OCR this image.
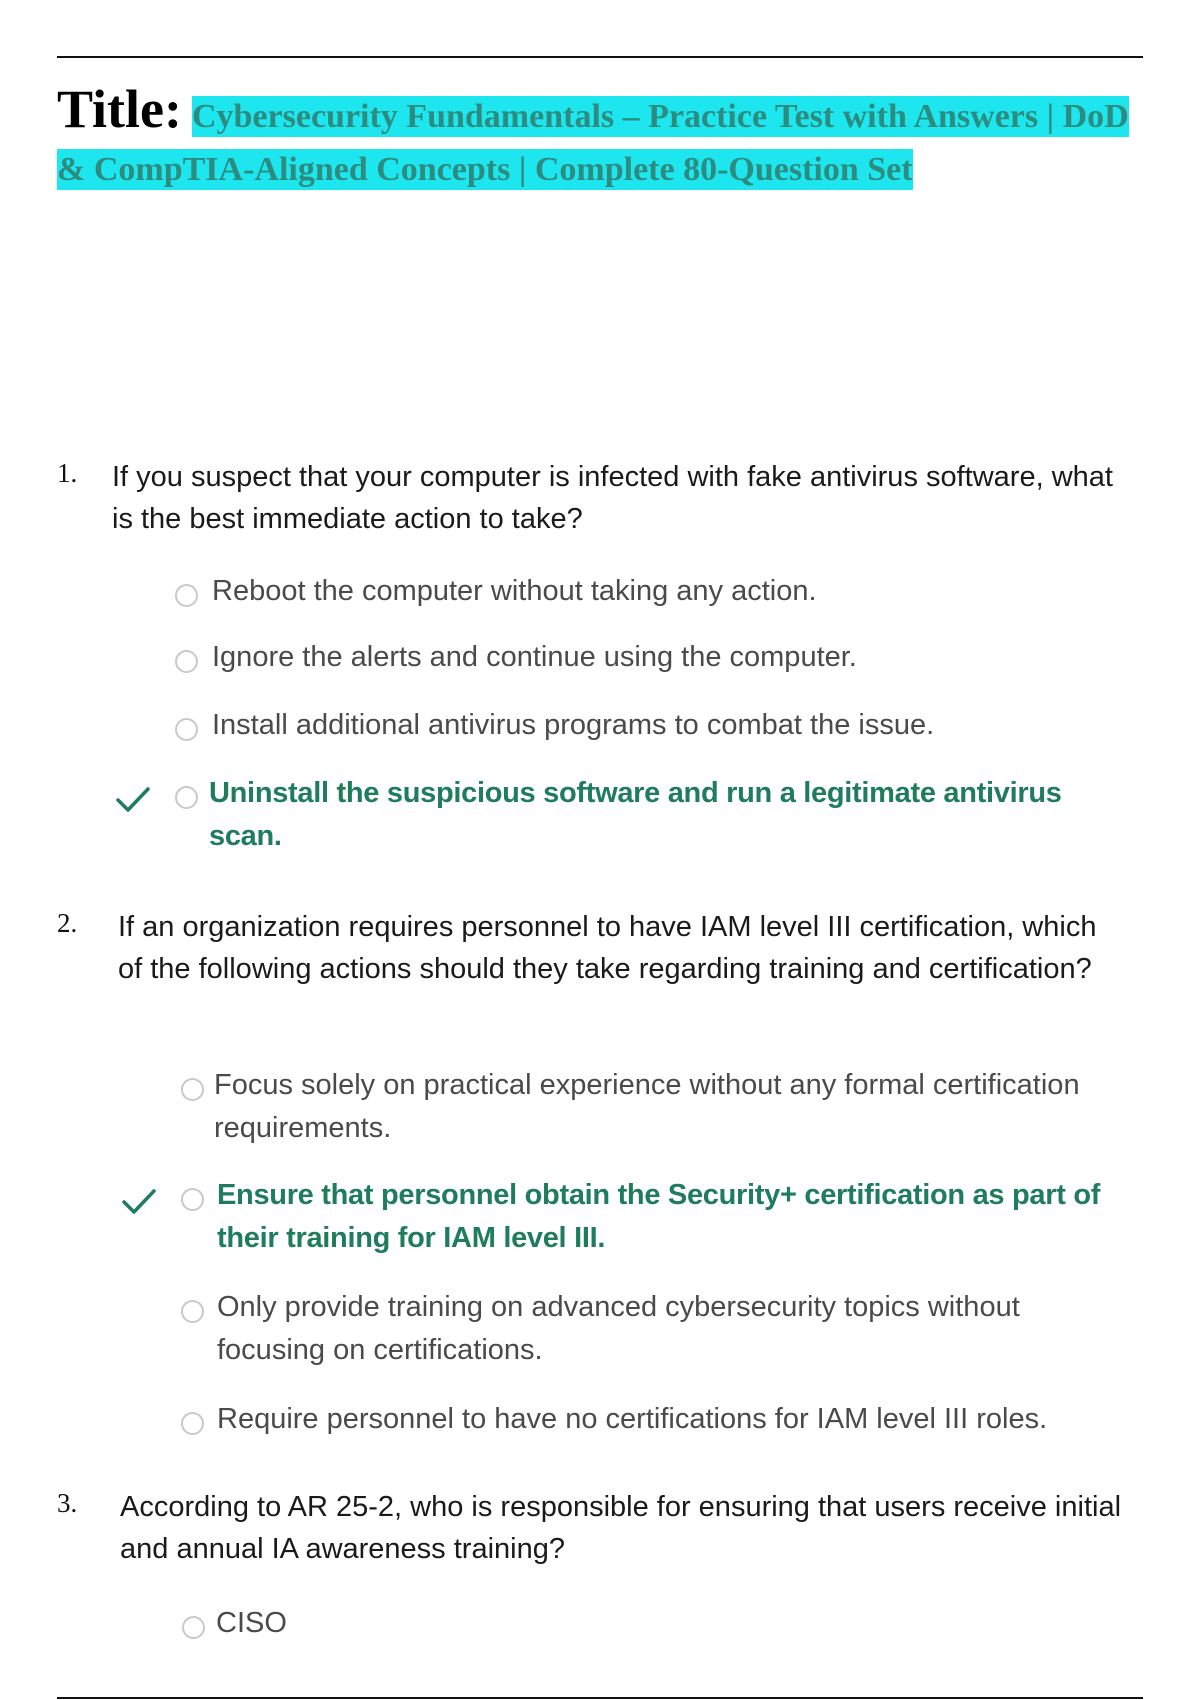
Title: Cybersecurity Fundamentals – Practice Test with Answers | DoD & CompTIA-Aligned Concepts | Complete 80-Question Set
1. If you suspect that your computer is infected with fake antivirus software, what is the best immediate action to take?
Reboot the computer without taking any action.
Ignore the alerts and continue using the computer.
Install additional antivirus programs to combat the issue.
Uninstall the suspicious software and run a legitimate antivirus scan.
2. If an organization requires personnel to have IAM level III certification, which of the following actions should they take regarding training and certification?
Focus solely on practical experience without any formal certification requirements.
Ensure that personnel obtain the Security+ certification as part of their training for IAM level III.
Only provide training on advanced cybersecurity topics without focusing on certifications.
Require personnel to have no certifications for IAM level III roles.
3. According to AR 25-2, who is responsible for ensuring that users receive initial and annual IA awareness training?
CISO
